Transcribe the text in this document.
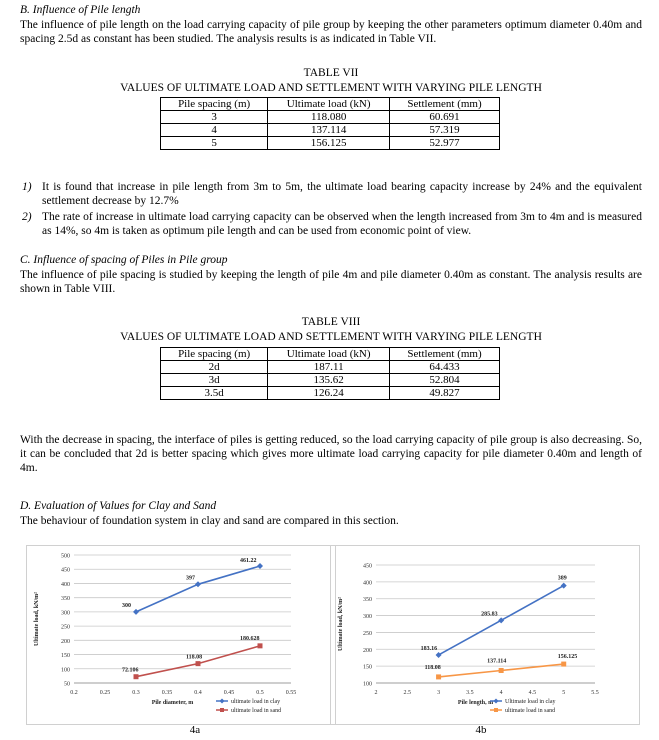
B. Influence of Pile length
The influence of pile length on the load carrying capacity of pile group by keeping the other parameters optimum diameter 0.40m and spacing 2.5d as constant has been studied. The analysis results is as indicated in Table VII.
TABLE VII
VALUES OF ULTIMATE LOAD AND SETTLEMENT WITH VARYING PILE LENGTH
Pile spacing (m)	Ultimate load (kN)	Settlement (mm)
3	118.080	60.691
4	137.114	57.319
5	156.125	52.977
1) It is found that increase in pile length from 3m to 5m, the ultimate load bearing capacity increase by 24% and the equivalent settlement decrease by 12.7%
2) The rate of increase in ultimate load carrying capacity can be observed when the length increased from 3m to 4m and is measured as 14%, so 4m is taken as optimum pile length and can be used from economic point of view.
C. Influence of spacing of Piles in Pile group
The influence of pile spacing is studied by keeping the length of pile 4m and pile diameter 0.40m as constant. The analysis results are shown in Table VIII.
TABLE VIII
VALUES OF ULTIMATE LOAD AND SETTLEMENT WITH VARYING PILE LENGTH
Pile spacing (m)	Ultimate load (kN)	Settlement (mm)
2d	187.11	64.433
3d	135.62	52.804
3.5d	126.24	49.827
With the decrease in spacing, the interface of piles is getting reduced, so the load carrying capacity of pile group is also decreasing. So, it can be concluded that 2d is better spacing which gives more ultimate load carrying capacity for pile diameter 0.40m and length of 4m.
D. Evaluation of Values for Clay and Sand
The behaviour of foundation system in clay and sand are compared in this section.
50
100
150
200
250
300
350
400
450
500
0.2	0.25	0.3	0.35	0.4	0.45	0.5	0.55
Pile diameter, m
Ultimate load, kN/m²	300
397
461.22
ultimate load in clay
72.106
118.08
180.628
ultimate load in sand
100
150
200
250
300
350
400
450
2	2.5	3	3.5	4	4.5	5	5.5
Pile length, m
Ultimate load, kN/m²	183.16
285.83
389
Ultimate load in clay
118.08
137.114
156.125
ultimate load in sand
4a	4b
